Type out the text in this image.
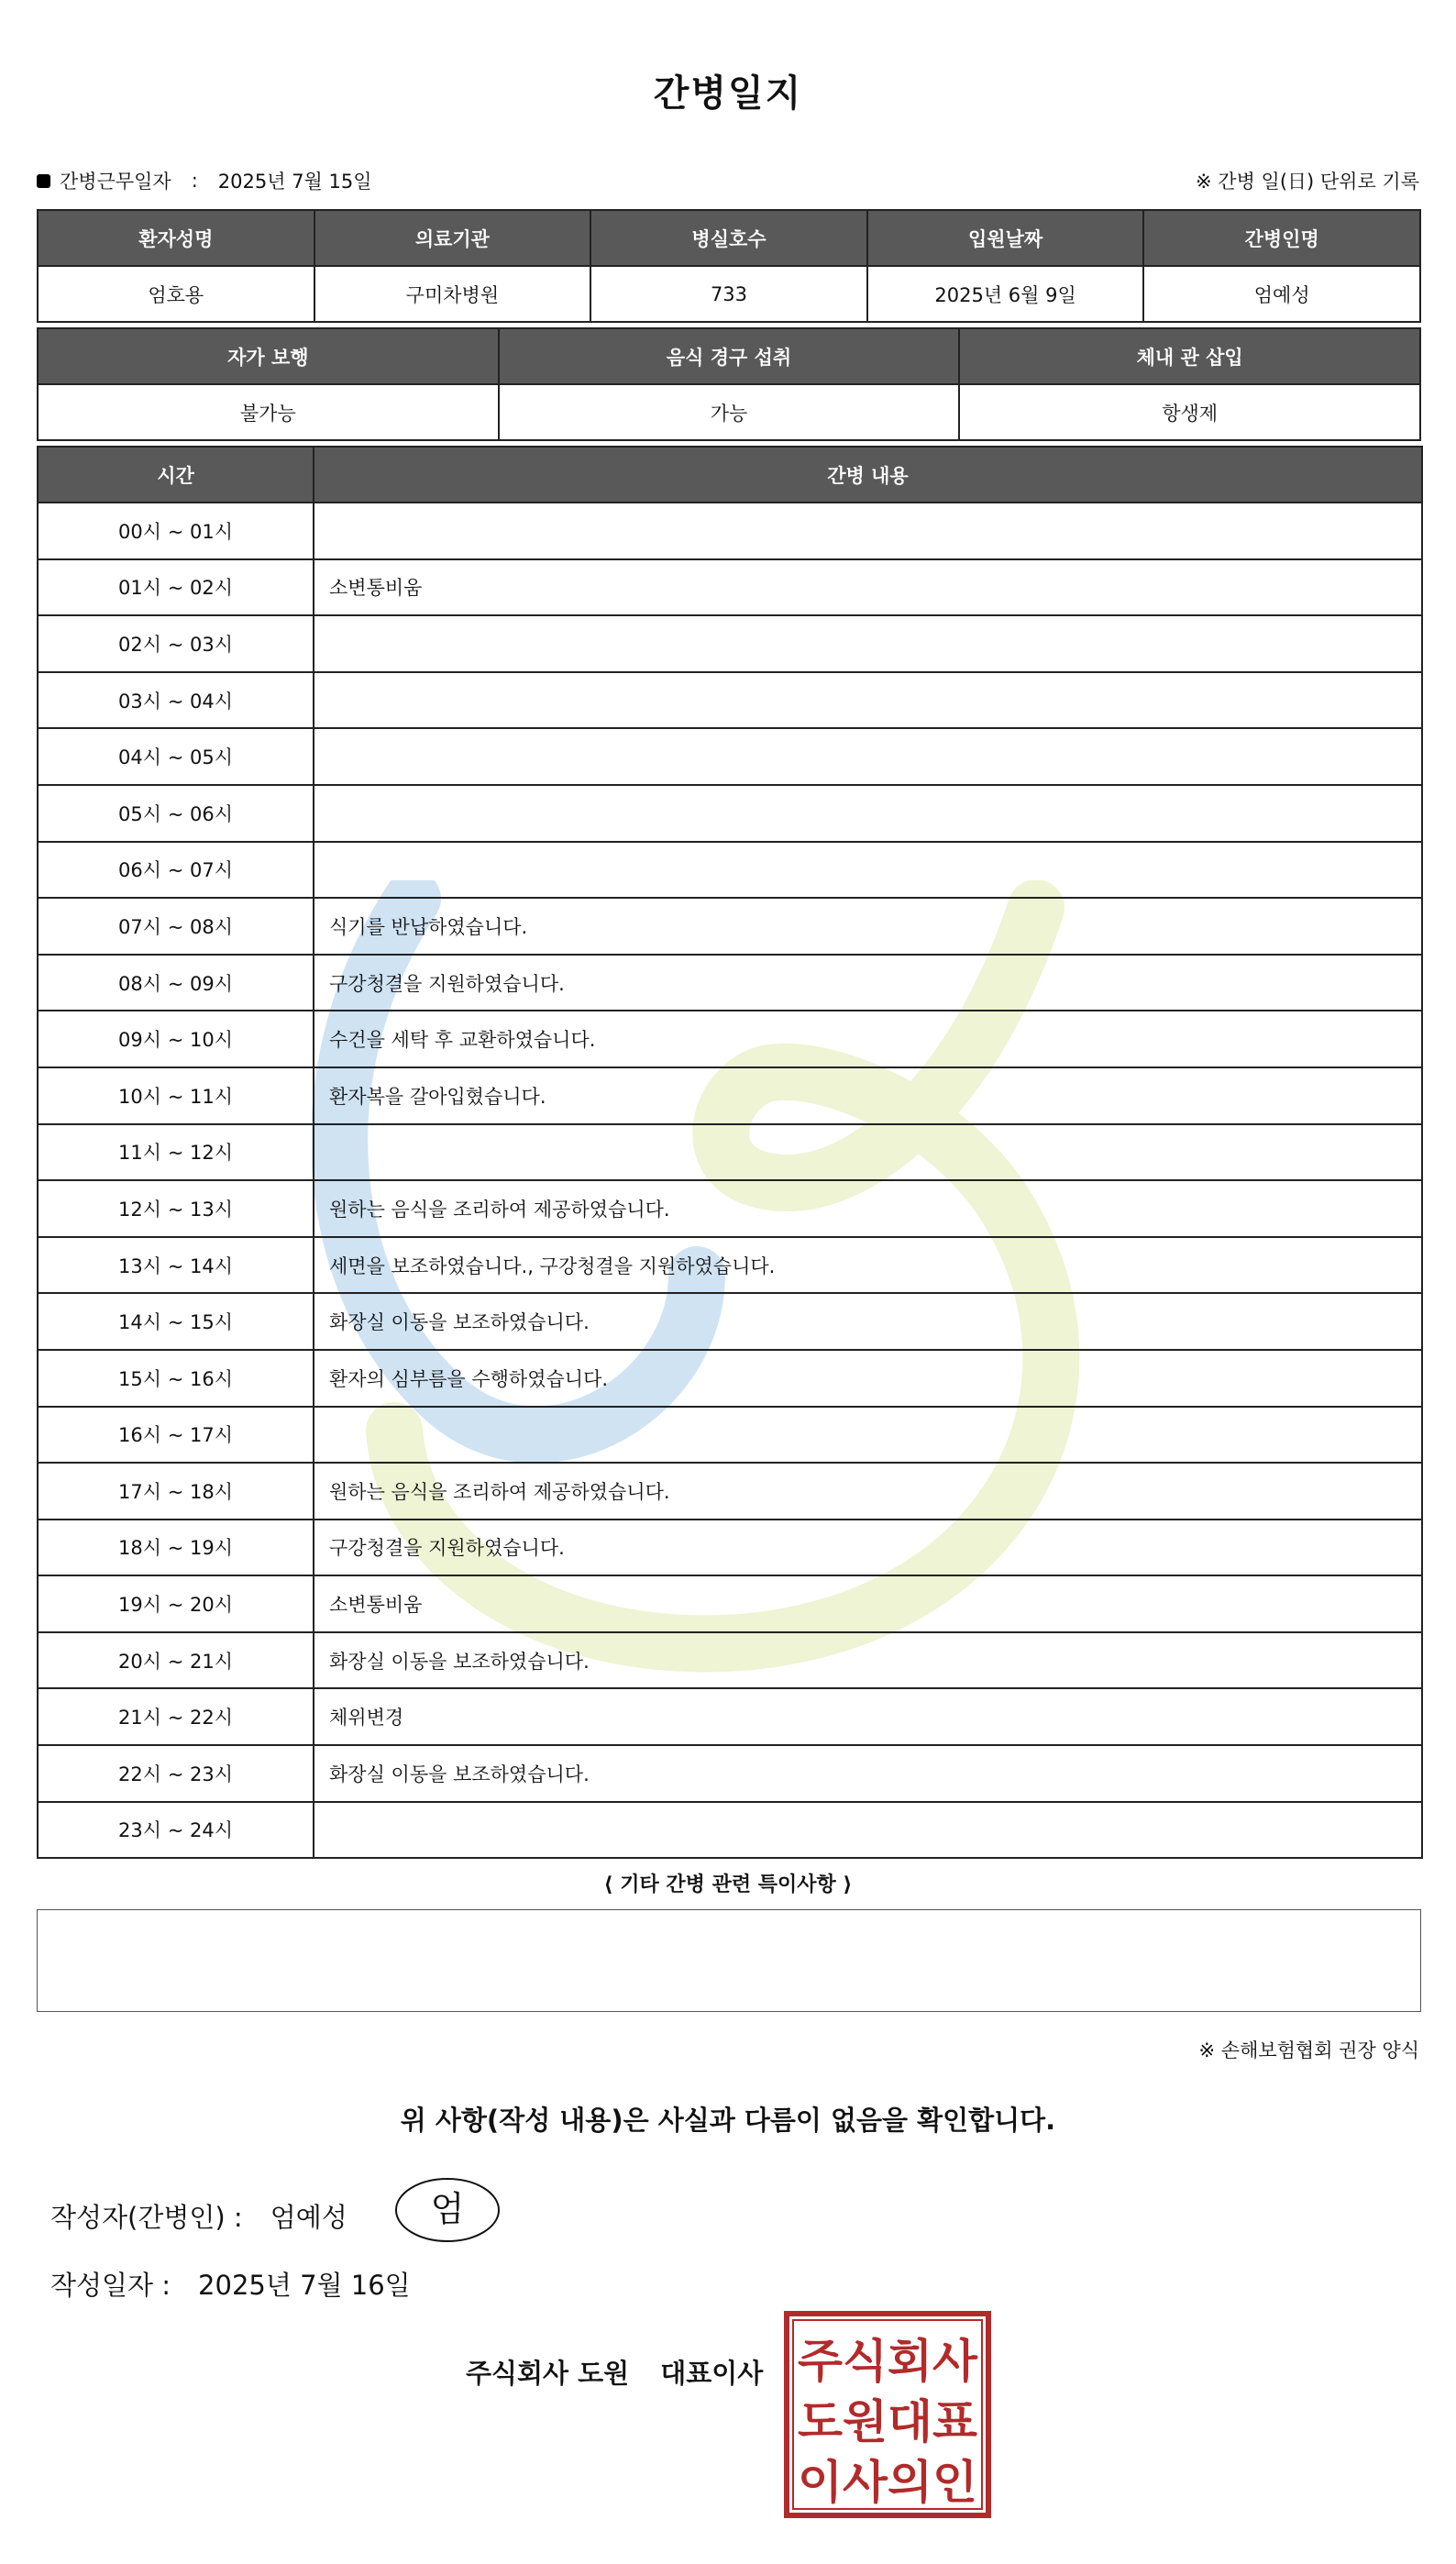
간병일지
간병근무일자 : 2025년 7월 15일	※ 간병 일(日) 단위로 기록
환자성명	의료기관	병실호수	입원날짜	간병인명
엄호용	구미차병원	733	2025년 6월 9일	엄예성
자가 보행	음식 경구 섭취	체내 관 삽입
불가능	가능	항생제
시간	간병 내용
00시 ~ 01시	
01시 ~ 02시	소변통비움
02시 ~ 03시	
03시 ~ 04시	
04시 ~ 05시	
05시 ~ 06시	
06시 ~ 07시	
07시 ~ 08시	식기를 반납하였습니다.
08시 ~ 09시	구강청결을 지원하였습니다.
09시 ~ 10시	수건을 세탁 후 교환하였습니다.
10시 ~ 11시	환자복을 갈아입혔습니다.
11시 ~ 12시	
12시 ~ 13시	원하는 음식을 조리하여 제공하였습니다.
13시 ~ 14시	세면을 보조하였습니다., 구강청결을 지원하였습니다.
14시 ~ 15시	화장실 이동을 보조하였습니다.
15시 ~ 16시	환자의 심부름을 수행하였습니다.
16시 ~ 17시	
17시 ~ 18시	원하는 음식을 조리하여 제공하였습니다.
18시 ~ 19시	구강청결을 지원하였습니다.
19시 ~ 20시	소변통비움
20시 ~ 21시	화장실 이동을 보조하였습니다.
21시 ~ 22시	체위변경
22시 ~ 23시	화장실 이동을 보조하였습니다.
23시 ~ 24시	
⟨ 기타 간병 관련 특이사항 ⟩
※ 손해보험협회 권장 양식
위 사항(작성 내용)은 사실과 다름이 없음을 확인합니다.
작성자(간병인) : 엄예성 엄
작성일자 : 2025년 7월 16일
주식회사 도원 대표이사 주식회사
도원대표
이사의인
